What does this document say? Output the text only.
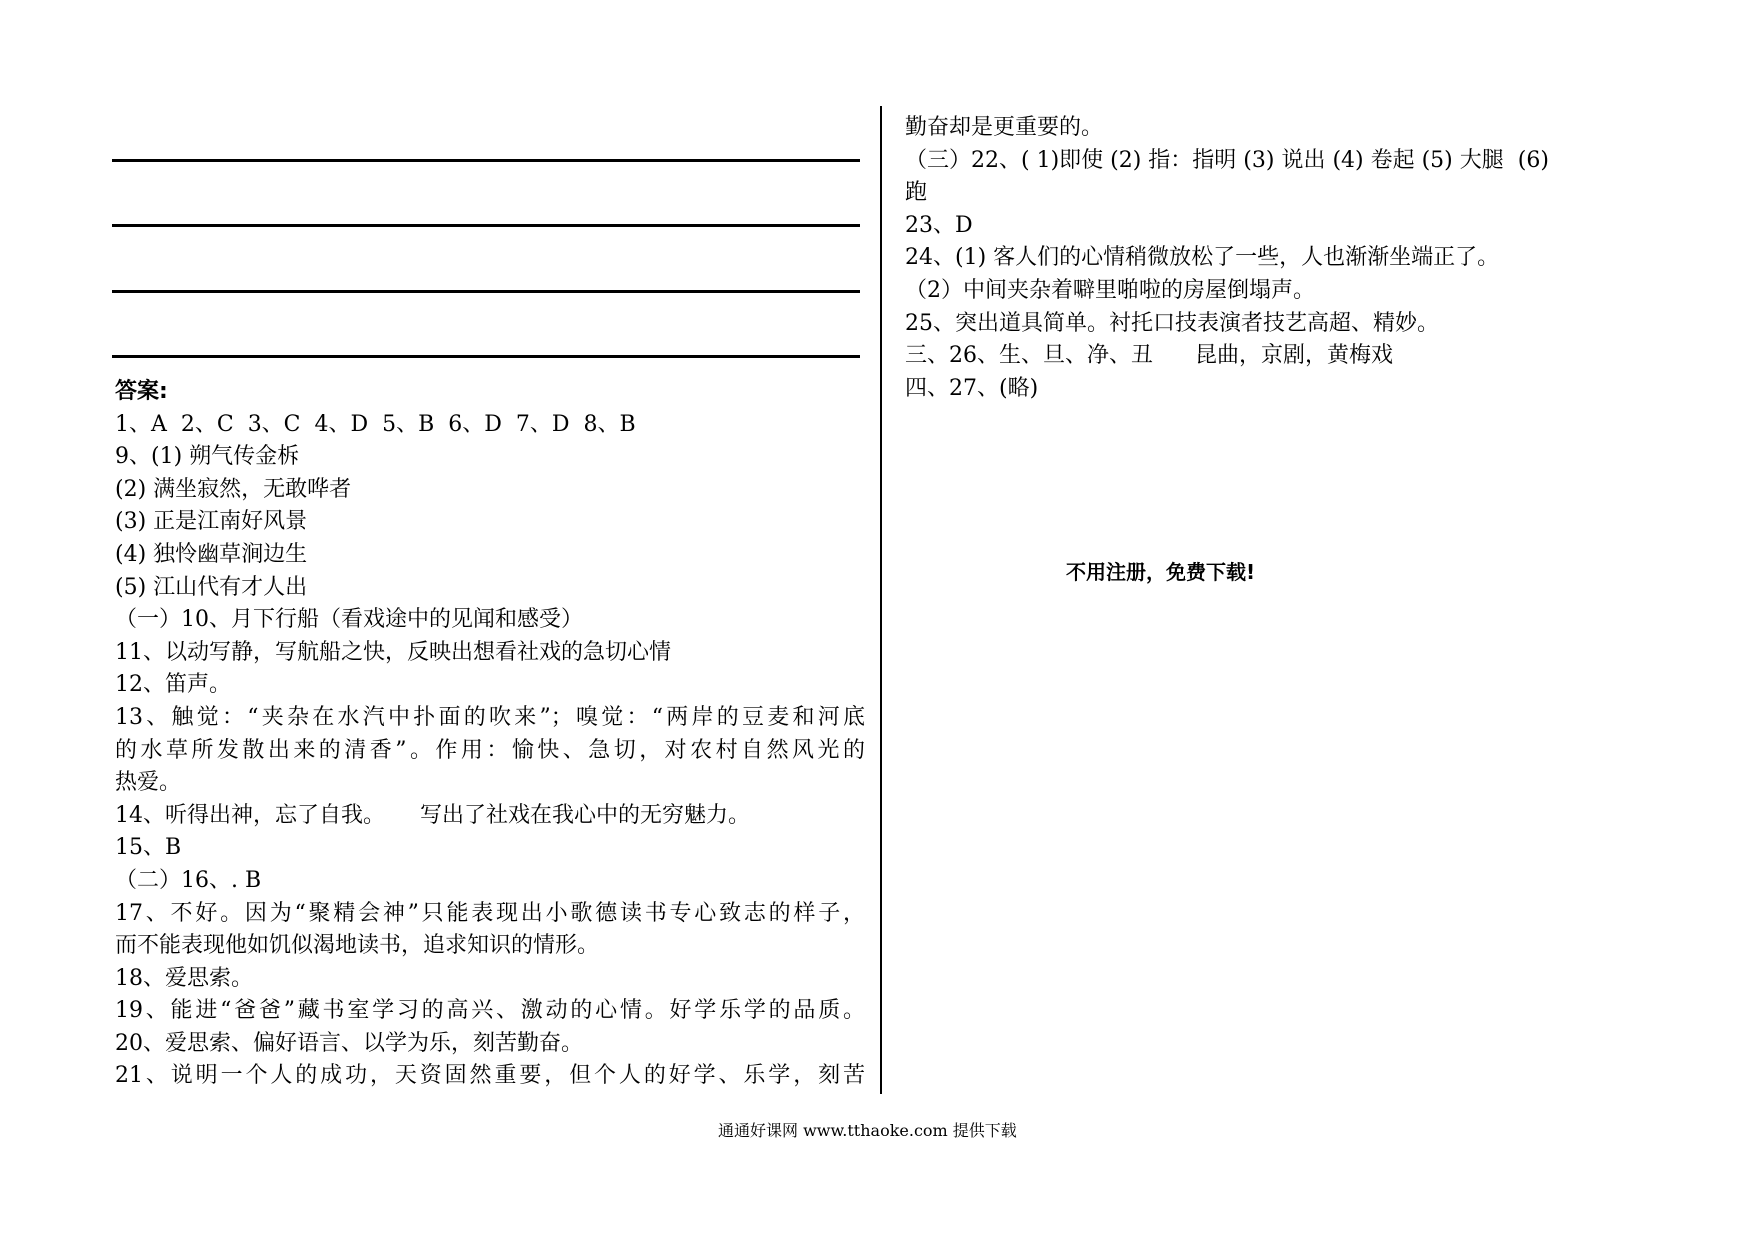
答案:
1、A  2、C  3、C  4、D  5、B  6、D  7、D  8、B
9、(1) 朔气传金柝
(2) 满坐寂然，无敢哗者
(3) 正是江南好风景
(4) 独怜幽草涧边生
(5) 江山代有才人出
（一）10、月下行船（看戏途中的见闻和感受）
11、以动写静，写航船之快，反映出想看社戏的急切心情
12、笛声。
13、触觉：“夹杂在水汽中扑面的吹来”；嗅觉：“两岸的豆麦和河底
的水草所发散出来的清香”。作用：愉快、急切，对农村自然风光的
热爱。
14、听得出神，忘了自我。     写出了社戏在我心中的无穷魅力。
15、B
（二）16、. B
17、不好。因为“聚精会神”只能表现出小歌德读书专心致志的样子，
而不能表现他如饥似渴地读书，追求知识的情形。
18、爱思索。
19、能进“爸爸”藏书室学习的高兴、激动的心情。好学乐学的品质。
20、爱思索、偏好语言、以学为乐，刻苦勤奋。
21、说明一个人的成功，天资固然重要，但个人的好学、乐学，刻苦
勤奋却是更重要的。
（三）22、( 1)即使 (2) 指：指明 (3) 说出 (4) 卷起 (5) 大腿  (6)
跑
23、D
24、(1) 客人们的心情稍微放松了一些，人也渐渐坐端正了。
（2）中间夹杂着噼里啪啦的房屋倒塌声。
25、突出道具简单。衬托口技表演者技艺高超、精妙。
三、26、生、旦、净、丑      昆曲，京剧，黄梅戏
四、27、(略)
不用注册，免费下载!
通通好课网 www.tthaoke.com 提供下载
